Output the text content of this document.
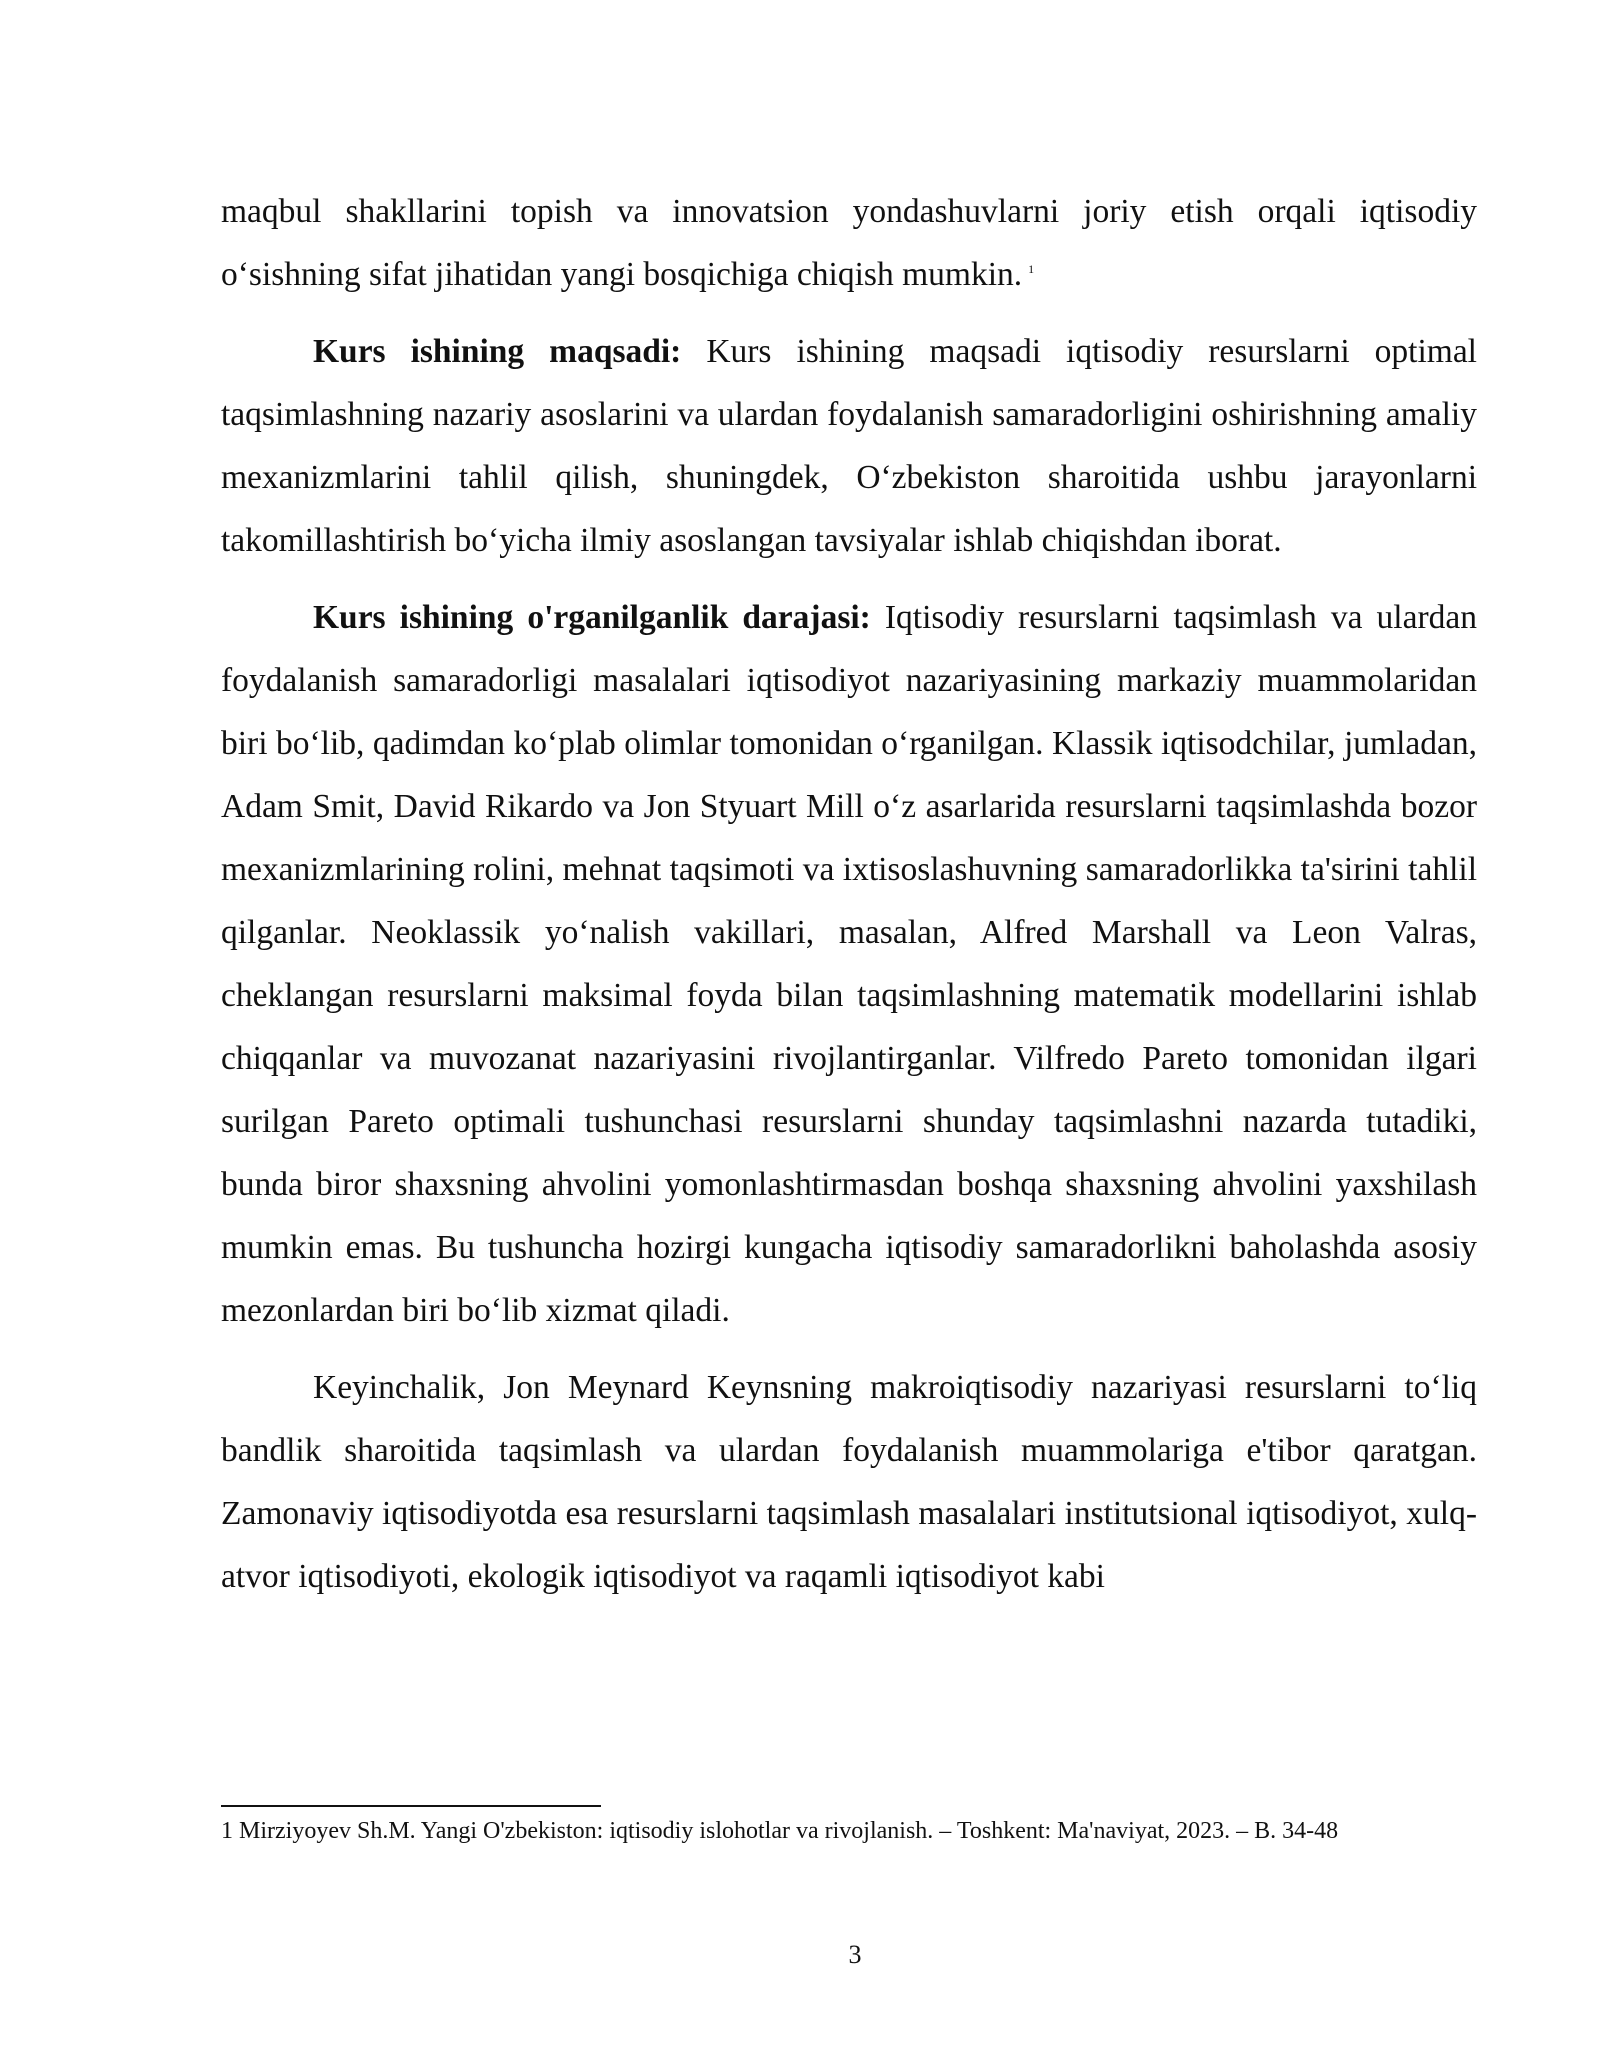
maqbul shakllarini topish va innovatsion yondashuvlarni joriy etish orqali iqtisodiy o‘sishning sifat jihatidan yangi bosqichiga chiqish mumkin. $^1$

Kurs ishining maqsadi: Kurs ishining maqsadi iqtisodiy resurslarni optimal taqsimlashning nazariy asoslarini va ulardan foydalanish samaradorligini oshirishning amaliy mexanizmlarini tahlil qilish, shuningdek, O‘zbekiston sharoitida ushbu jarayonlarni takomillashtirish bo‘yicha ilmiy asoslangan tavsiyalar ishlab chiqishdan iborat.

Kurs ishining o'rganilganlik darajasi: Iqtisodiy resurslarni taqsimlash va ulardan foydalanish samaradorligi masalalari iqtisodiyot nazariyasining markaziy muammolaridan biri bo‘lib, qadimdan ko‘plab olimlar tomonidan o‘rganilgan. Klassik iqtisodchilar, jumladan, Adam Smit, David Rikardo va Jon Styuart Mill o‘z asarlarida resurslarni taqsimlashda bozor mexanizmlarining rolini, mehnat taqsimoti va ixtisoslashuvning samaradorlikka ta'sirini tahlil qilganlar. Neoklassik yo‘nalish vakillari, masalan, Alfred Marshall va Leon Valras, cheklangan resurslarni maksimal foyda bilan taqsimlashning matematik modellarini ishlab chiqqanlar va muvozanat nazariyasini rivojlantirganlar. Vilfredo Pareto tomonidan ilgari surilgan Pareto optimali tushunchasi resurslarni shunday taqsimlashni nazarda tutadiki, bunda biror shaxsning ahvolini yomonlashtirmasdan boshqa shaxsning ahvolini yaxshilash mumkin emas. Bu tushuncha hozirgi kungacha iqtisodiy samaradorlikni baholashda asosiy mezonlardan biri bo‘lib xizmat qiladi.

Keyinchalik, Jon Meynard Keynsning makroiqtisodiy nazariyasi resurslarni to‘liq bandlik sharoitida taqsimlash va ulardan foydalanish muammolariga e'tibor qaratgan. Zamonaviy iqtisodiyotda esa resurslarni taqsimlash masalalari institutsional iqtisodiyot, xulq-atvor iqtisodiyoti, ekologik iqtisodiyot va raqamli iqtisodiyot kabi

1 Mirziyoyev Sh.M. Yangi O'zbekiston: iqtisodiy islohotlar va rivojlanish. – Toshkent: Ma'naviyat, 2023. – B. 34-48
3
